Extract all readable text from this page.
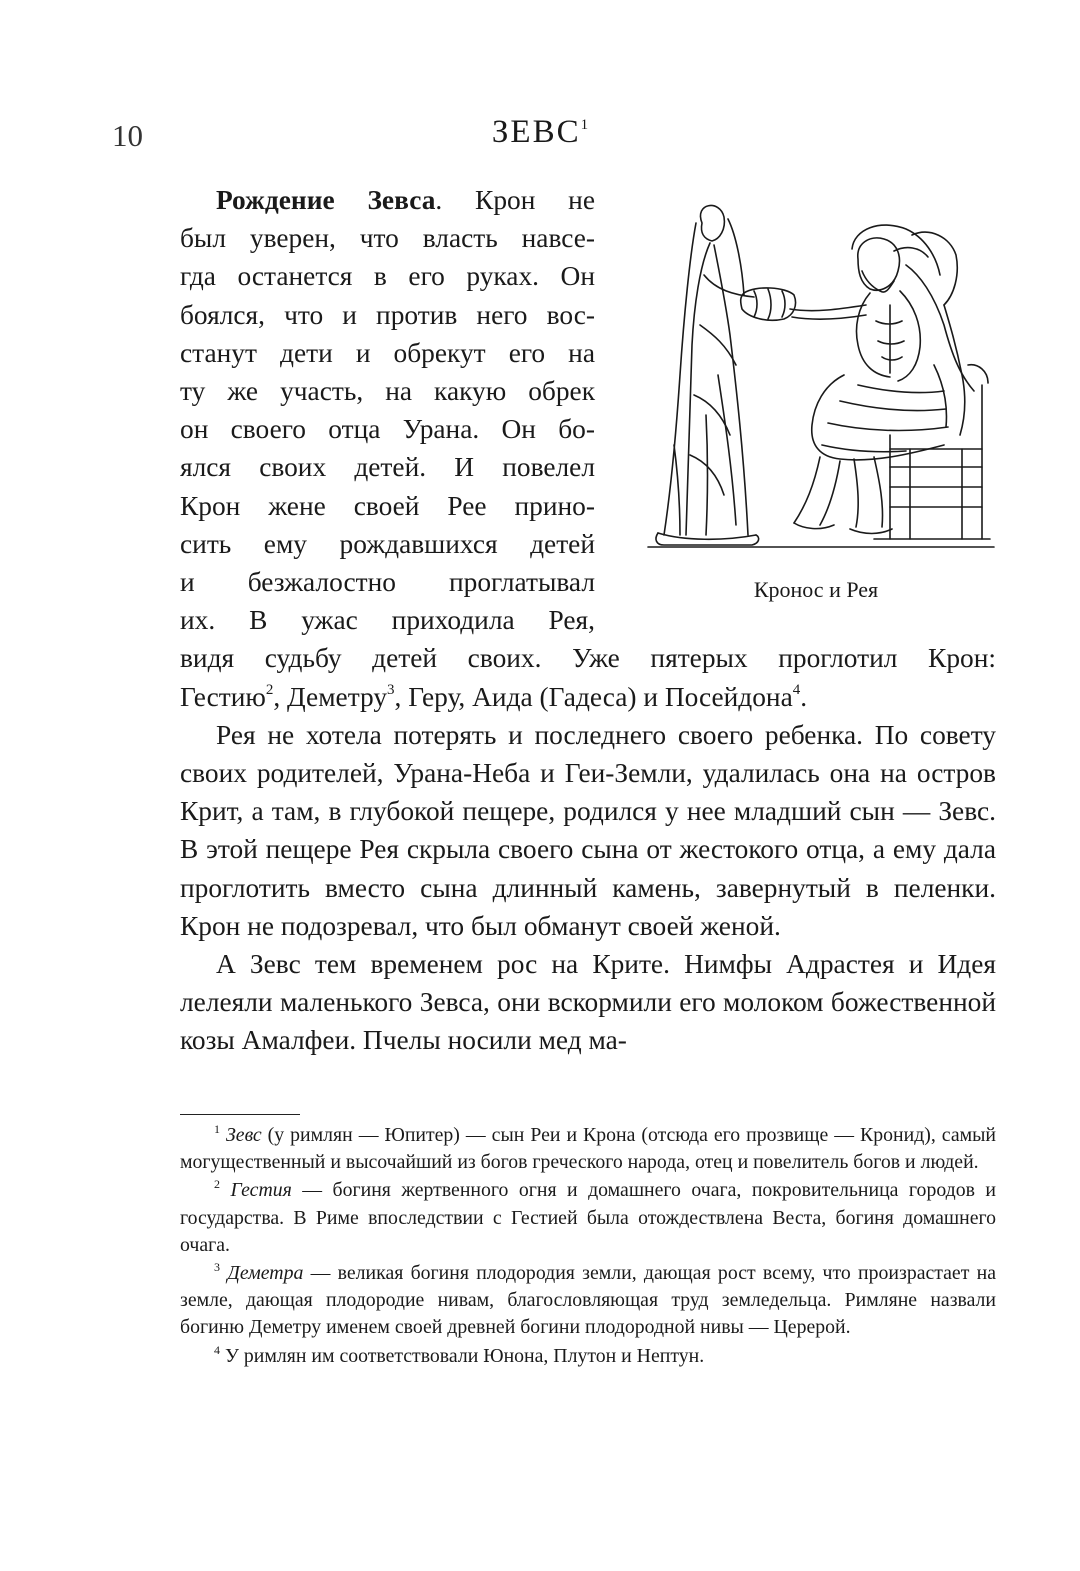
10	ЗЕВС$^1$
Кронос и Рея

Рождение Зевса. Крон не

был уверен, что власть навсе-

гда останется в его руках. Он

боялся, что и против него вос-

станут дети и обрекут его на

ту же участь, на какую обрек

он своего отца Урана. Он бо-

ялся своих детей. И повелел

Крон жене своей Рее прино-

сить ему рождавшихся детей

и безжалостно проглатывал

их. В ужас приходила Рея,

видя судьбу детей своих. Уже пятерых проглотил Крон:

Гестию$^2$, Деметру$^3$, Геру, Аида (Гадеса) и Посейдона$^4$.

Рея не хотела потерять и последнего своего ребенка. По совету своих родителей, Урана-Неба и Геи-Земли, удалилась она на остров Крит, а там, в глубокой пещере, родился у нее младший сын — Зевс. В этой пещере Рея скрыла своего сына от жестокого отца, а ему дала проглотить вместо сына длинный камень, завернутый в пеленки. Крон не подозревал, что был обманут своей женой.

А Зевс тем временем рос на Крите. Нимфы Адрастея и Идея лелеяли маленького Зевса, они вскормили его молоком божественной козы Амалфеи. Пчелы носили мед ма-

$^1$ Зевс (у римлян — Юпитер) — сын Реи и Крона (отсюда его прозвище — Кронид), самый могущественный и высочайший из богов греческого народа, отец и повелитель богов и людей.

$^2$ Гестия — богиня жертвенного огня и домашнего очага, покровительница городов и государства. В Риме впоследствии с Гестией была отождествлена Веста, богиня домашнего очага.

$^3$ Деметра — великая богиня плодородия земли, дающая рост всему, что произрастает на земле, дающая плодородие нивам, благословляющая труд земледельца. Римляне назвали богиню Деметру именем своей древней богини плодородной нивы — Церерой.

$^4$ У римлян им соответствовали Юнона, Плутон и Нептун.
